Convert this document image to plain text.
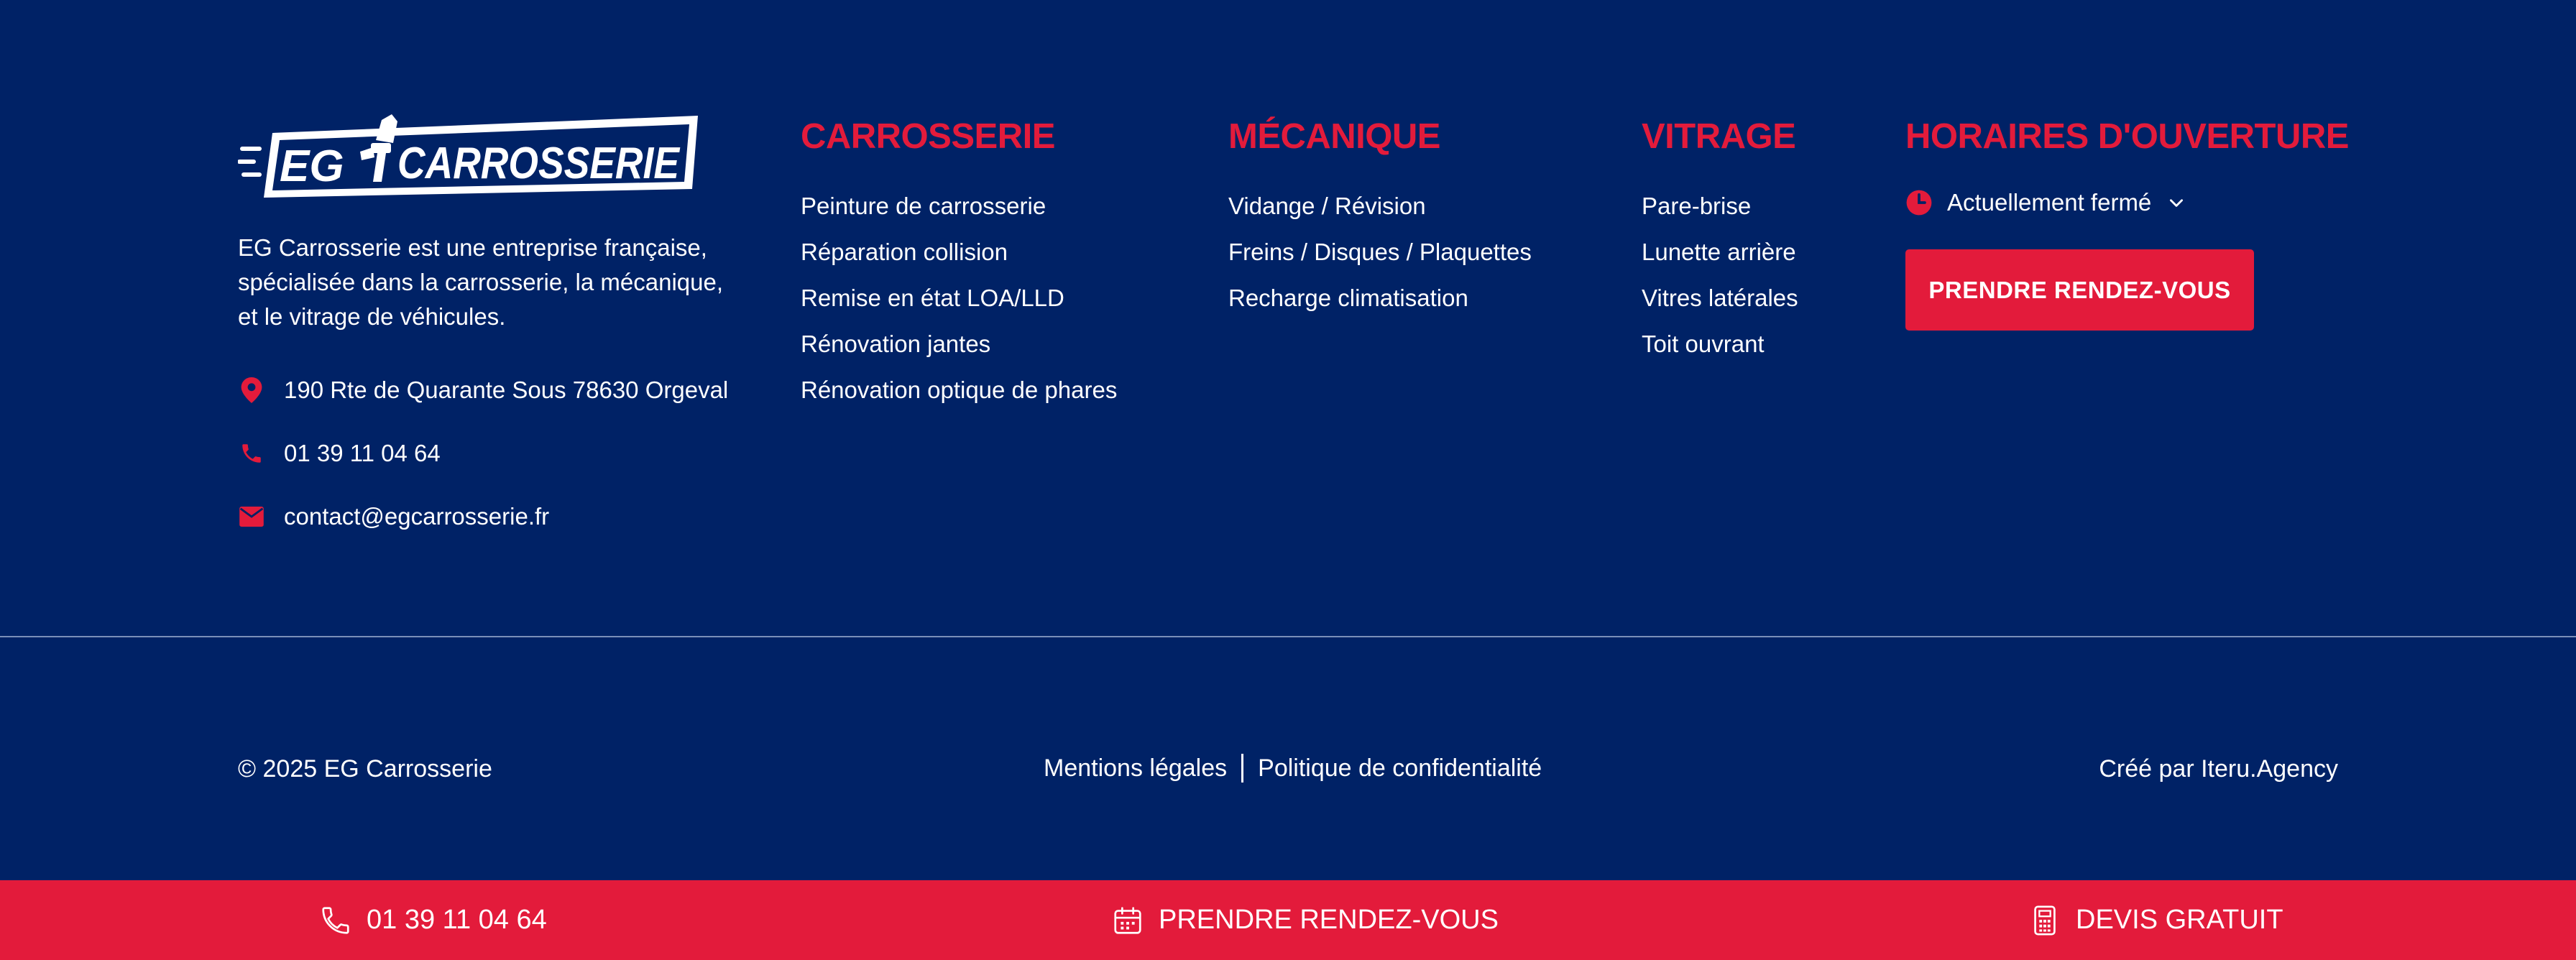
EG CARROSSERIE
EG Carrosserie est une entreprise française, spécialisée dans la carrosserie, la mécanique, et le vitrage de véhicules.
190 Rte de Quarante Sous 78630 Orgeval
01 39 11 04 64
contact@egcarrosserie.fr
CARROSSERIE
Peinture de carrosserie
Réparation collision
Remise en état LOA/LLD
Rénovation jantes
Rénovation optique de phares
MÉCANIQUE
Vidange / Révision
Freins / Disques / Plaquettes
Recharge climatisation
VITRAGE
Pare-brise
Lunette arrière
Vitres latérales
Toit ouvrant
HORAIRES D'OUVERTURE
Actuellement fermé
PRENDRE RENDEZ-VOUS
© 2025 EG Carrosserie	Mentions légales Politique de confidentialité	Créé par Iteru.Agency
01 39 11 04 64	PRENDRE RENDEZ-VOUS	DEVIS GRATUIT
